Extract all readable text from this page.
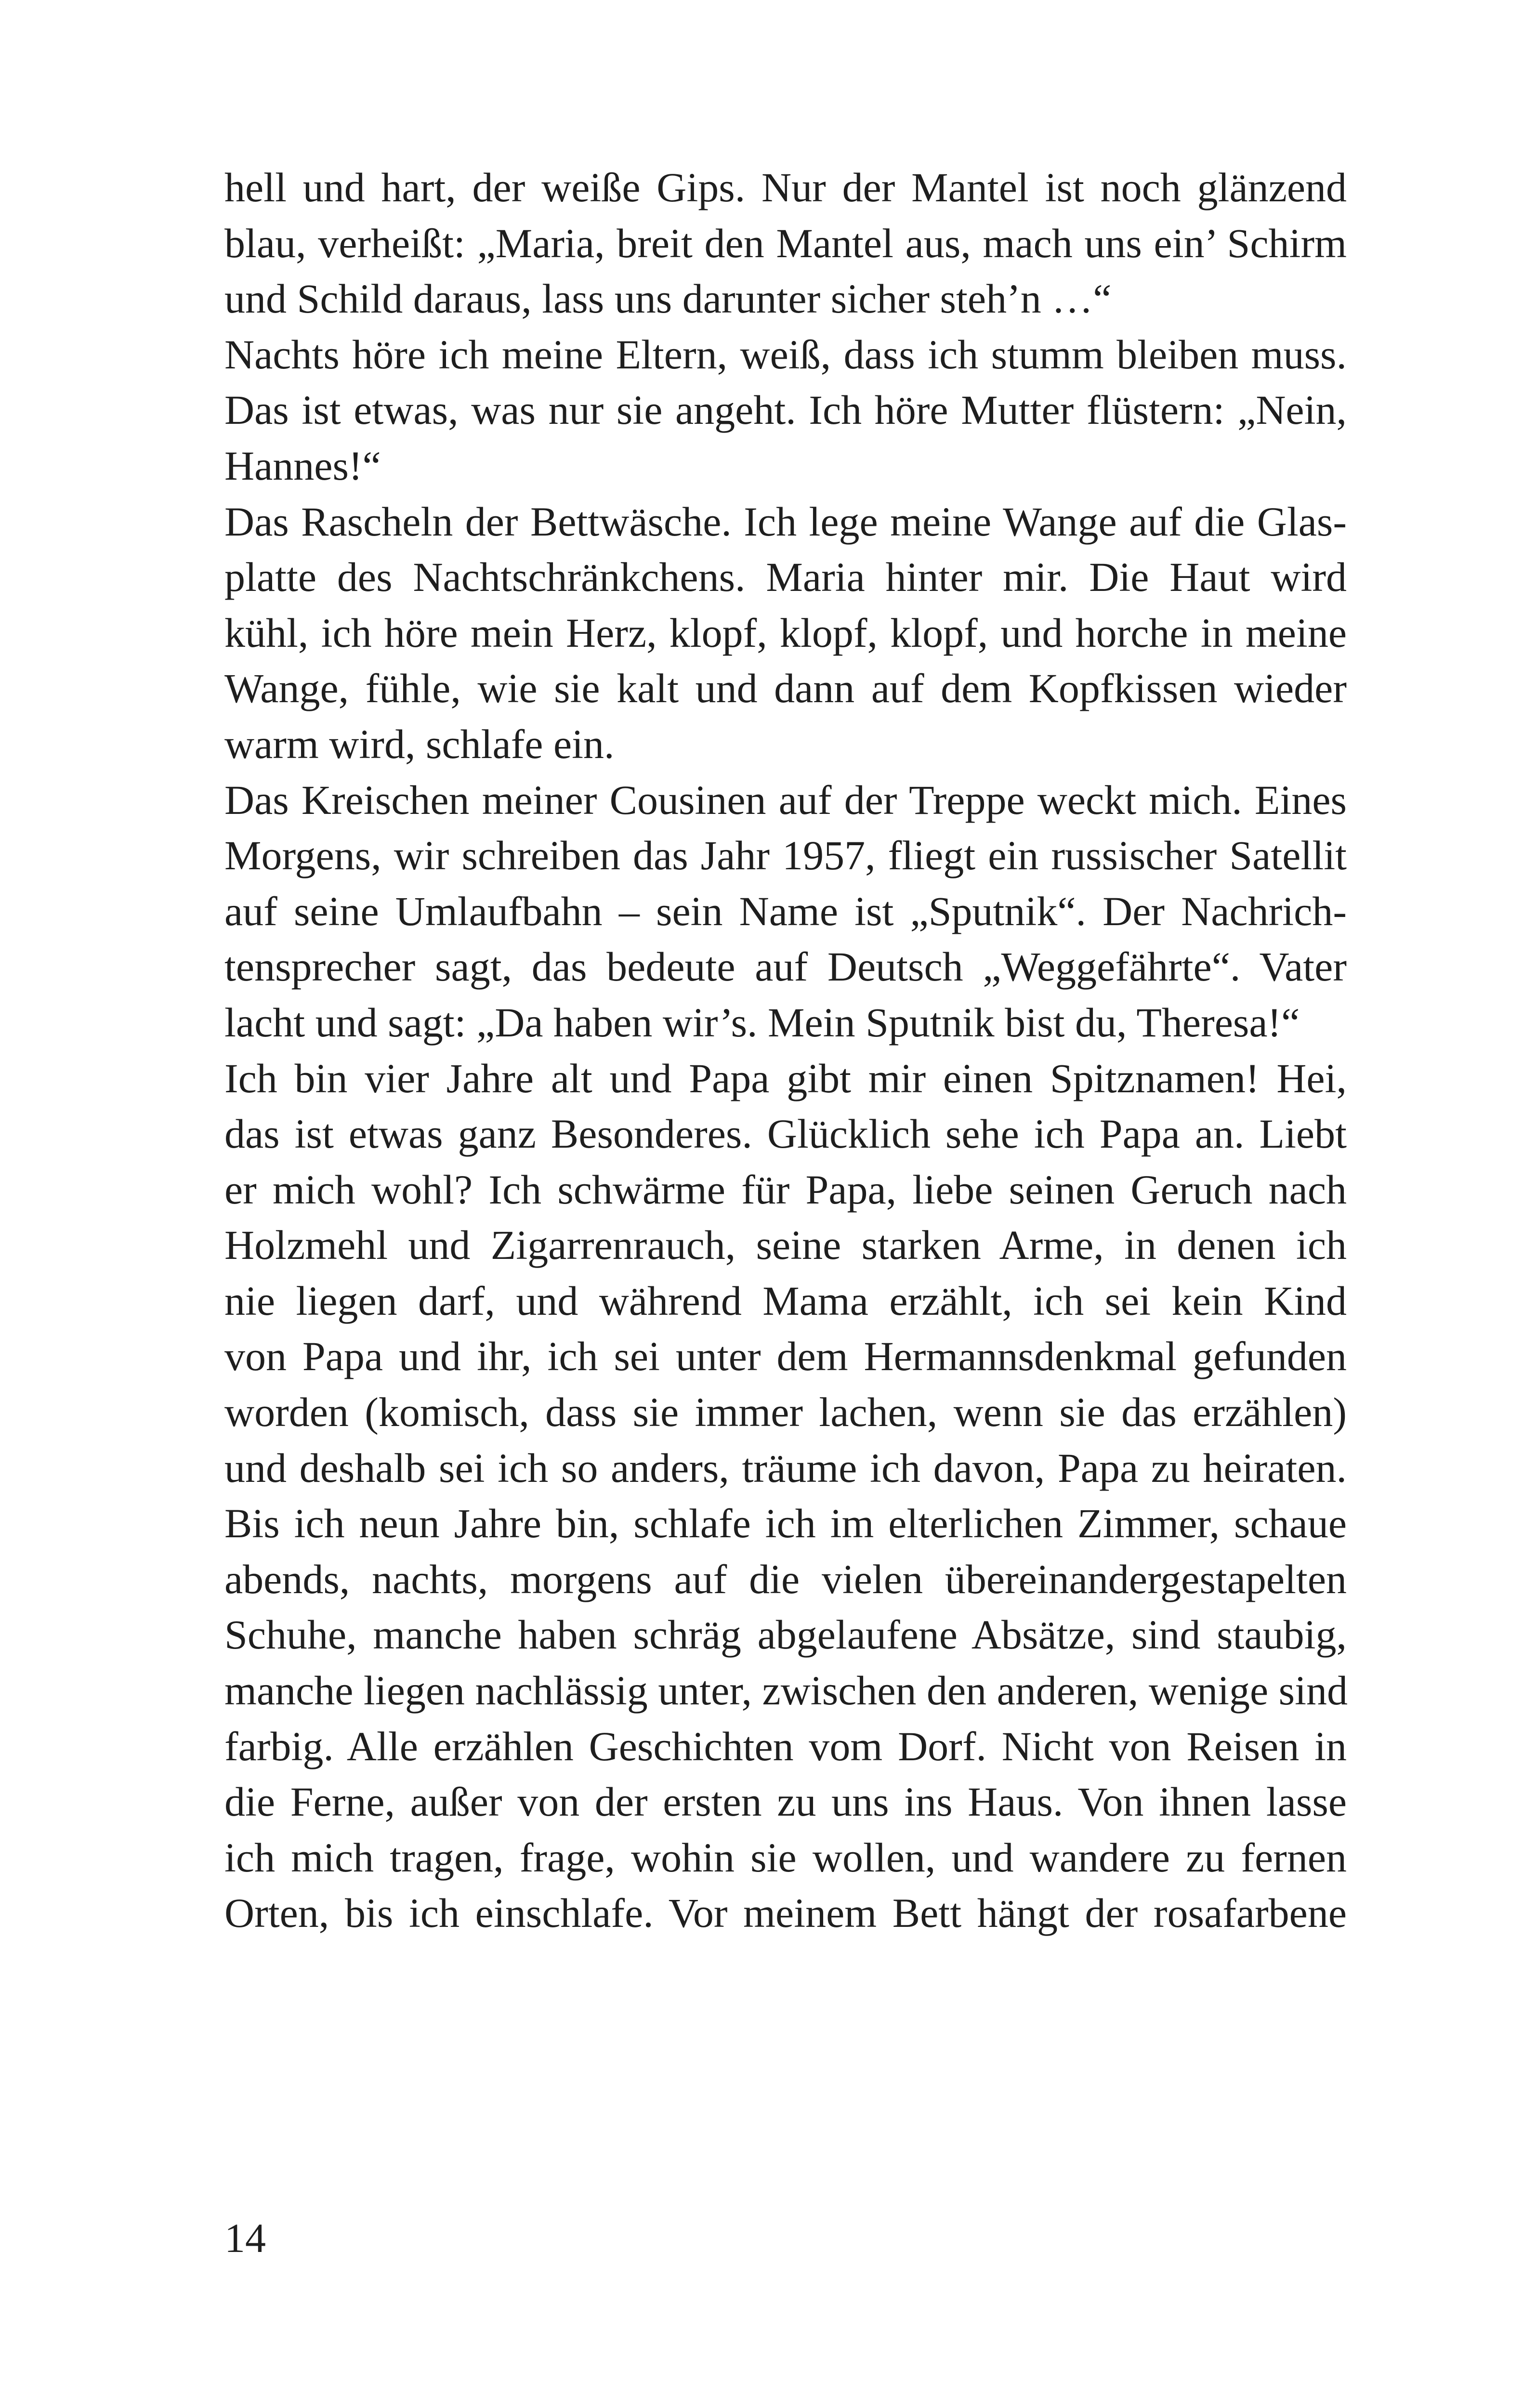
hell und hart, der weiße Gips. Nur der Mantel ist noch glänzend
blau, verheißt: „Maria, breit den Mantel aus, mach uns ein’ Schirm
und Schild daraus, lass uns darunter sicher steh’n …“
Nachts höre ich meine Eltern, weiß, dass ich stumm bleiben muss.
Das ist etwas, was nur sie angeht. Ich höre Mutter flüstern: „Nein,
Hannes!“
Das Rascheln der Bettwäsche. Ich lege meine Wange auf die Glas-
platte des Nachtschränkchens. Maria hinter mir. Die Haut wird
kühl, ich höre mein Herz, klopf, klopf, klopf, und horche in meine
Wange, fühle, wie sie kalt und dann auf dem Kopfkissen wieder
warm wird, schlafe ein.
Das Kreischen meiner Cousinen auf der Treppe weckt mich. Eines
Morgens, wir schreiben das Jahr 1957, fliegt ein russischer Satellit
auf seine Umlaufbahn – sein Name ist „Sputnik“. Der Nachrich-
tensprecher sagt, das bedeute auf Deutsch „Weggefährte“. Vater
lacht und sagt: „Da haben wir’s. Mein Sputnik bist du, Theresa!“
Ich bin vier Jahre alt und Papa gibt mir einen Spitznamen! Hei,
das ist etwas ganz Besonderes. Glücklich sehe ich Papa an. Liebt
er mich wohl? Ich schwärme für Papa, liebe seinen Geruch nach
Holzmehl und Zigarrenrauch, seine starken Arme, in denen ich
nie liegen darf, und während Mama erzählt, ich sei kein Kind
von Papa und ihr, ich sei unter dem Hermannsdenkmal gefunden
worden (komisch, dass sie immer lachen, wenn sie das erzählen)
und deshalb sei ich so anders, träume ich davon, Papa zu heiraten.
Bis ich neun Jahre bin, schlafe ich im elterlichen Zimmer, schaue
abends, nachts, morgens auf die vielen übereinandergestapelten
Schuhe, manche haben schräg abgelaufene Absätze, sind staubig,
manche liegen nachlässig unter, zwischen den anderen, wenige sind
farbig. Alle erzählen Geschichten vom Dorf. Nicht von Reisen in
die Ferne, außer von der ersten zu uns ins Haus. Von ihnen lasse
ich mich tragen, frage, wohin sie wollen, und wandere zu fernen
Orten, bis ich einschlafe. Vor meinem Bett hängt der rosafarbene

14
